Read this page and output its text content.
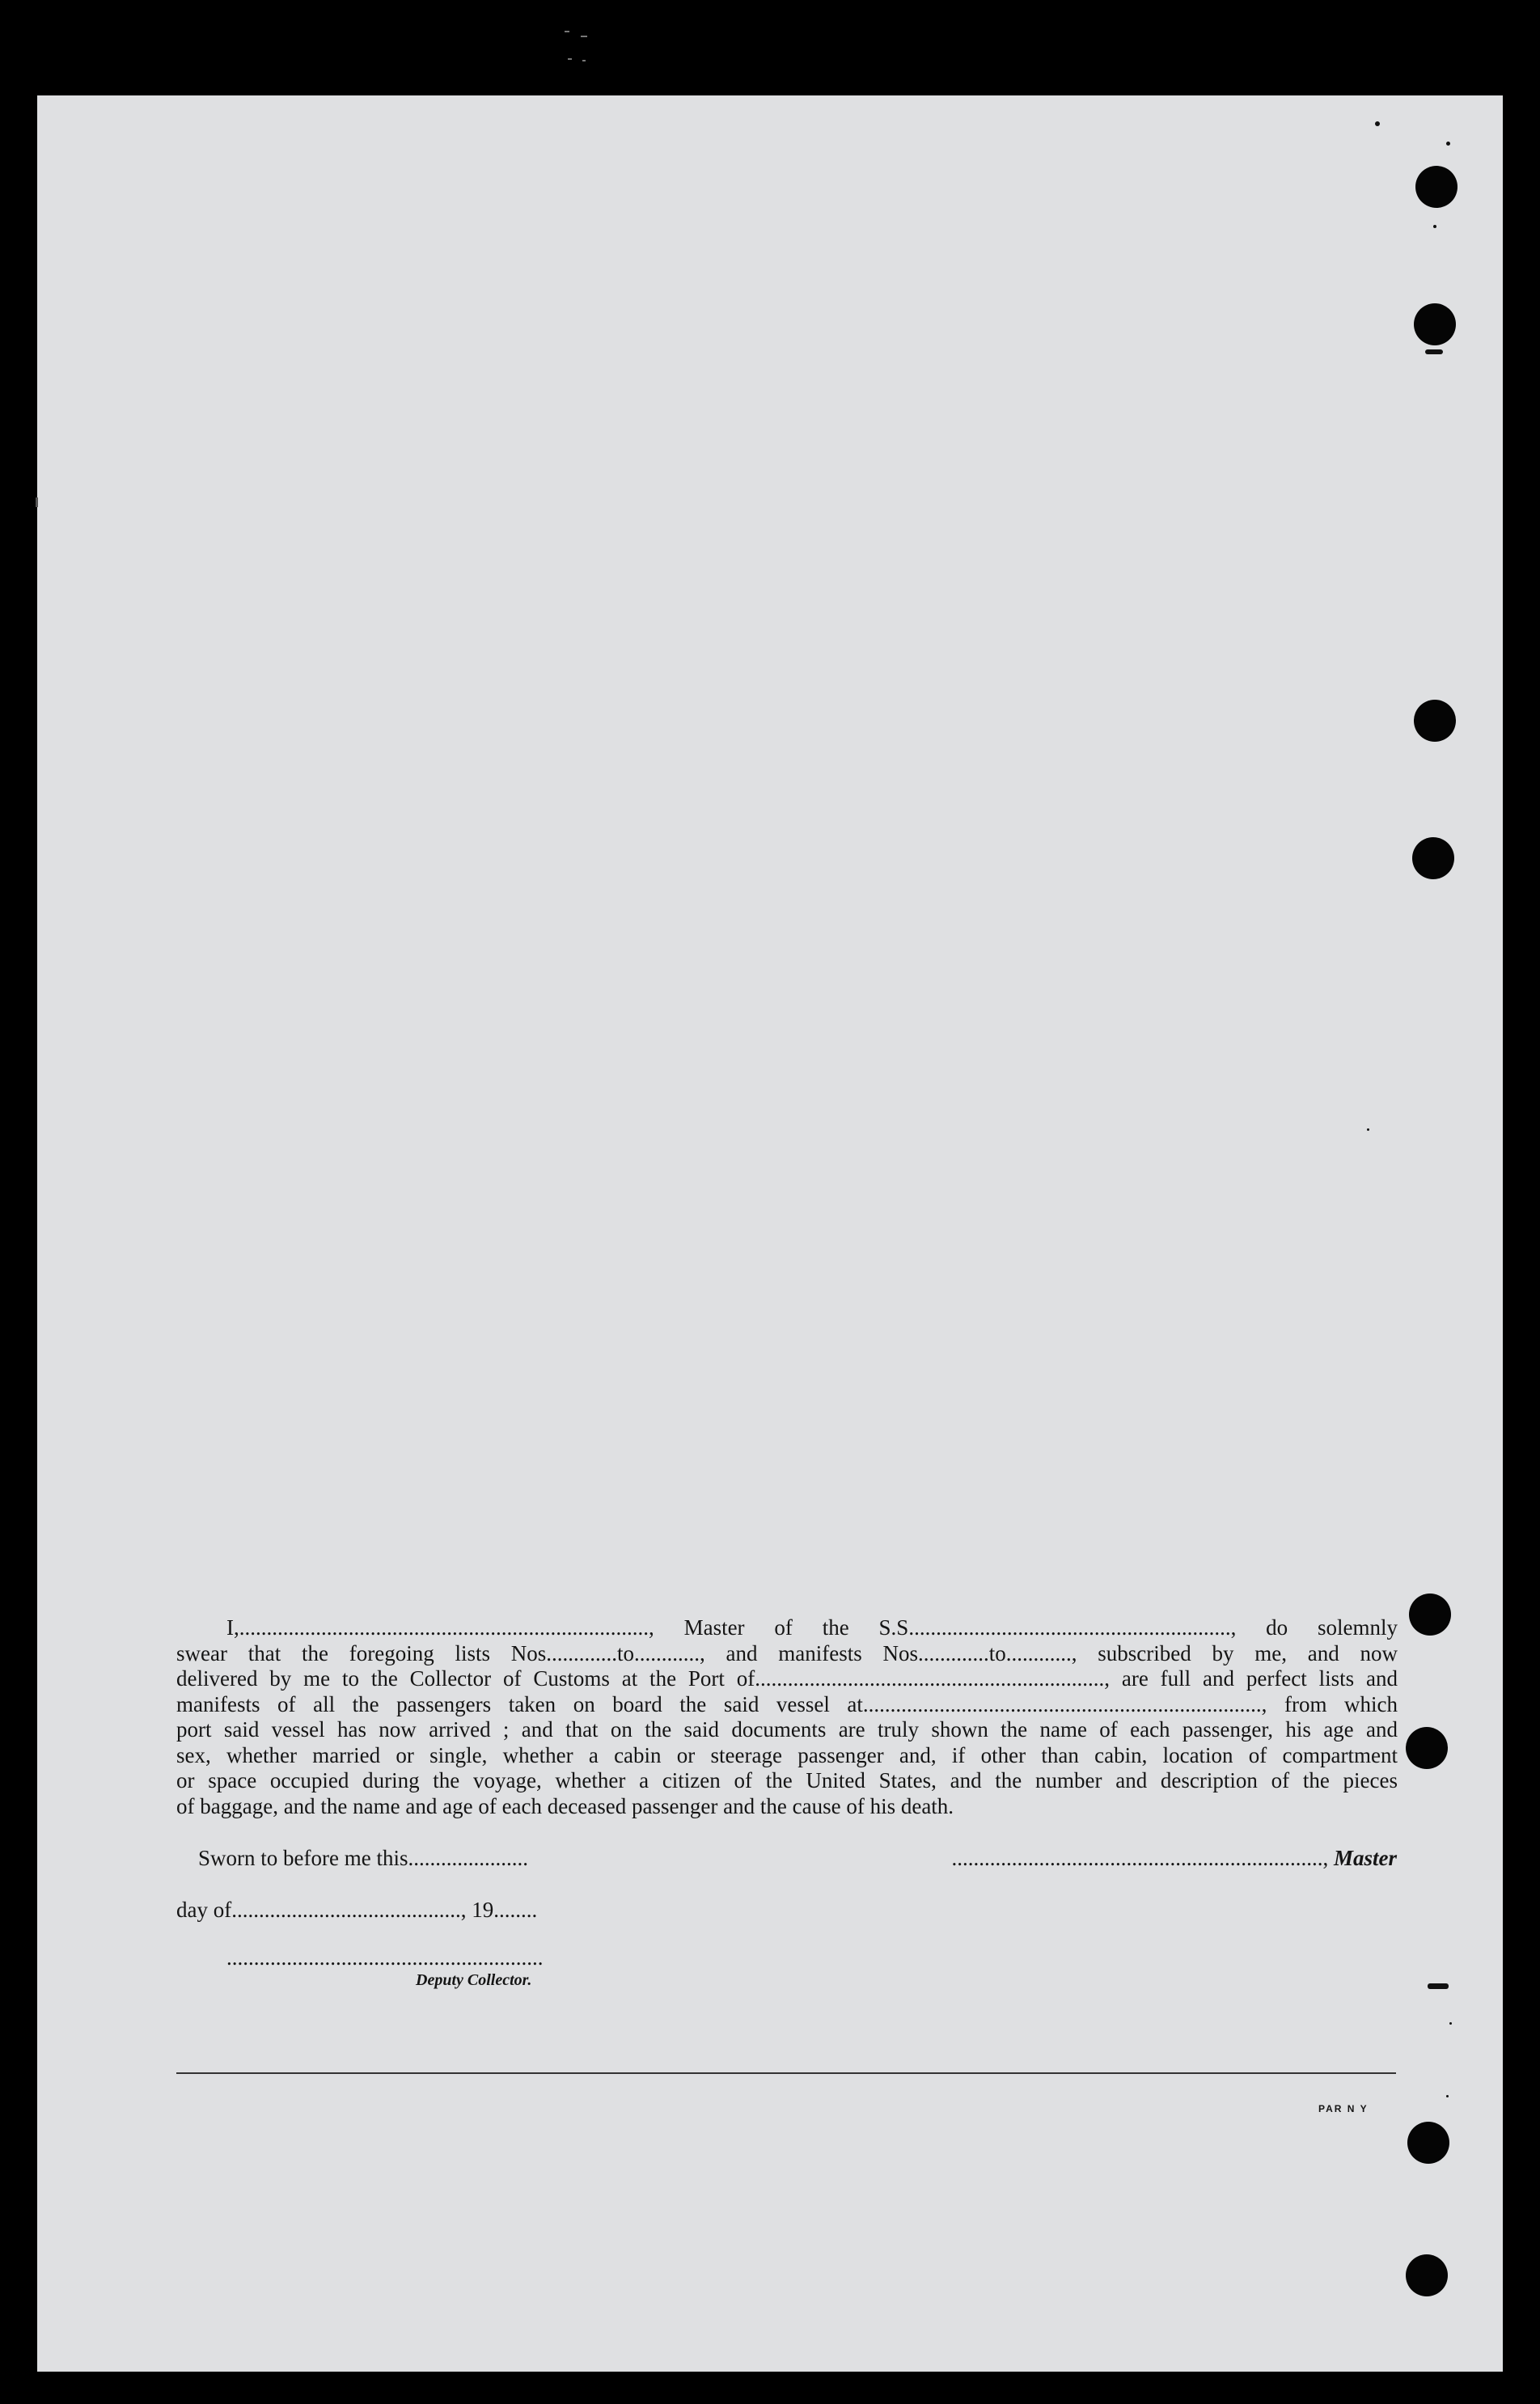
I,..........................................................................., Master of the S.S..........................................................., do solemnly
swear that the foregoing lists Nos.............to............, and manifests Nos.............to............, subscribed by me, and now
delivered by me to the Collector of Customs at the Port of................................................................, are full and perfect lists and
manifests of all the passengers taken on board the said vessel at........................................................................., from which
port said vessel has now arrived ; and that on the said documents are truly shown the name of each passenger, his age and
sex, whether married or single, whether a cabin or steerage passenger and, if other than cabin, location of compartment
or space occupied during the voyage, whether a citizen of the United States, and the number and description of the pieces
of baggage, and the name and age of each deceased passenger and the cause of his death.
Sworn to before me this......................	...................................................................., Master
day of.........................................., 19........
..........................................................
Deputy Collector.
PAR N Y
